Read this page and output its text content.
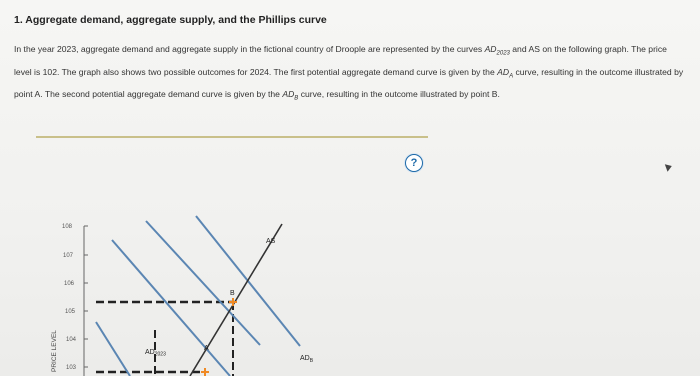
1. Aggregate demand, aggregate supply, and the Phillips curve
In the year 2023, aggregate demand and aggregate supply in the fictional country of Droople are represented by the curves $AD_{2023}$ and AS on the following graph. The price level is 102. The graph also shows two possible outcomes for 2024. The first potential aggregate demand curve is given by the $AD_A$ curve, resulting in the outcome illustrated by point A. The second potential aggregate demand curve is given by the $AD_B$ curve, resulting in the outcome illustrated by point B.
?
108
107
106
105
104
103
PRICE LEVEL
AS
B
A
$AD_{2023}$
$AD_B$
